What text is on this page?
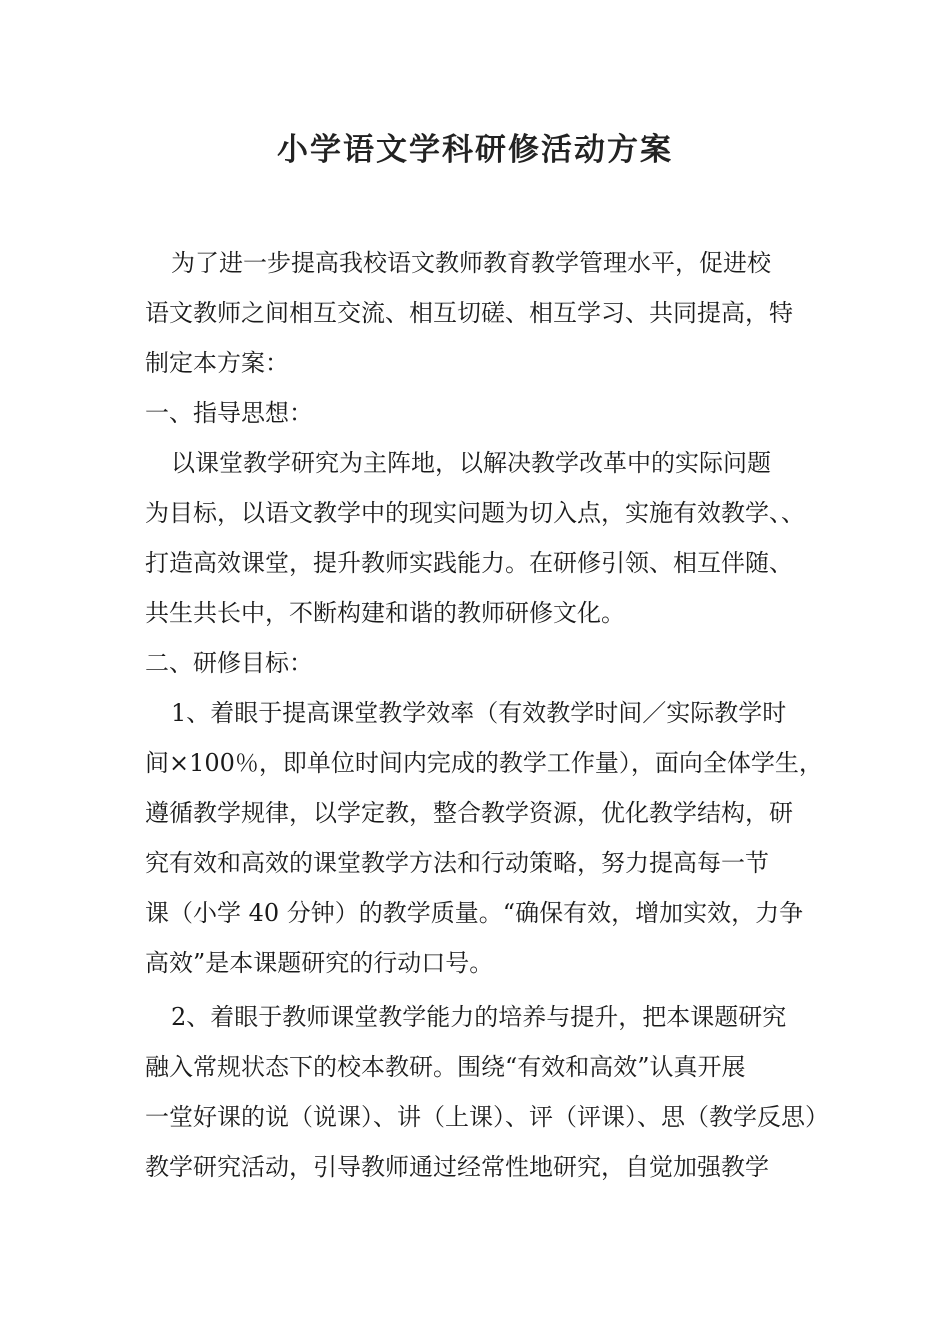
小学语文学科研修活动方案
为了进一步提高我校语文教师教育教学管理水平，促进校
语文教师之间相互交流、相互切磋、相互学习、共同提高，特
制定本方案：
一、指导思想：
以课堂教学研究为主阵地，以解决教学改革中的实际问题
为目标，以语文教学中的现实问题为切入点，实施有效教学、、
打造高效课堂，提升教师实践能力。在研修引领、相互伴随、
共生共长中，不断构建和谐的教师研修文化。
二、研修目标：
1、着眼于提高课堂教学效率（有效教学时间／实际教学时
间×100％，即单位时间内完成的教学工作量），面向全体学生，
遵循教学规律，以学定教，整合教学资源，优化教学结构，研
究有效和高效的课堂教学方法和行动策略，努力提高每一节
课（小学 40 分钟）的教学质量。“确保有效，增加实效，力争
高效”是本课题研究的行动口号。
2、着眼于教师课堂教学能力的培养与提升，把本课题研究
融入常规状态下的校本教研。围绕“有效和高效”认真开展
一堂好课的说（说课）、讲（上课）、评（评课）、思（教学反思）
教学研究活动，引导教师通过经常性地研究，自觉加强教学
